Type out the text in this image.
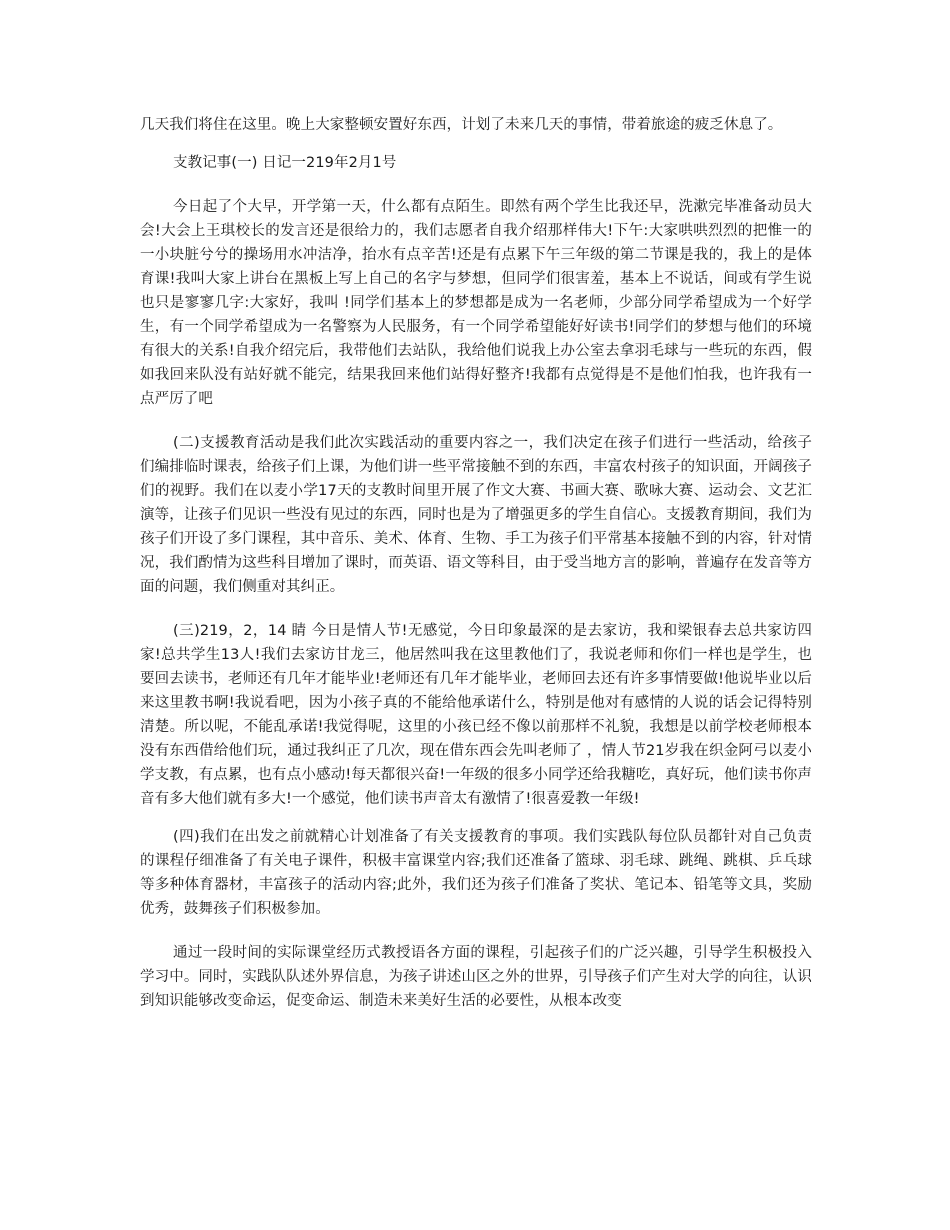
几天我们将住在这里。晚上大家整顿安置好东西，计划了未来几天的事情，带着旅途的疲乏休息了。

支教记事(一) 日记一219年2月1号

今日起了个大早，开学第一天，什么都有点陌生。即然有两个学生比我还早，洗漱完毕准备动员大会!大会上王琪校长的发言还是很给力的，我们志愿者自我介绍那样伟大!下午:大家哄哄烈烈的把惟一的一小块脏兮兮的操场用水冲洁净，抬水有点辛苦!还是有点累下午三年级的第二节课是我的，我上的是体育课!我叫大家上讲台在黑板上写上自己的名字与梦想，但同学们很害羞，基本上不说话，间或有学生说也只是寥寥几字:大家好，我叫 !同学们基本上的梦想都是成为一名老师，少部分同学希望成为一个好学生，有一个同学希望成为一名警察为人民服务，有一个同学希望能好好读书!同学们的梦想与他们的环境有很大的关系!自我介绍完后，我带他们去站队，我给他们说我上办公室去拿羽毛球与一些玩的东西，假如我回来队没有站好就不能完，结果我回来他们站得好整齐!我都有点觉得是不是他们怕我，也许我有一点严厉了吧

(二)支援教育活动是我们此次实践活动的重要内容之一，我们决定在孩子们进行一些活动，给孩子们编排临时课表，给孩子们上课，为他们讲一些平常接触不到的东西，丰富农村孩子的知识面，开阔孩子们的视野。我们在以麦小学17天的支教时间里开展了作文大赛、书画大赛、歌咏大赛、运动会、文艺汇演等，让孩子们见识一些没有见过的东西，同时也是为了增强更多的学生自信心。支援教育期间，我们为孩子们开设了多门课程，其中音乐、美术、体育、生物、手工为孩子们平常基本接触不到的内容，针对情况，我们酌情为这些科目增加了课时，而英语、语文等科目，由于受当地方言的影响，普遍存在发音等方面的问题，我们侧重对其纠正。

(三)219，2，14 睛 今日是情人节!无感觉，今日印象最深的是去家访，我和梁银春去总共家访四家!总共学生13人!我们去家访甘龙三，他居然叫我在这里教他们了，我说老师和你们一样也是学生，也要回去读书，老师还有几年才能毕业!老师还有几年才能毕业，老师回去还有许多事情要做!他说毕业以后来这里教书啊!我说看吧，因为小孩子真的不能给他承诺什么，特别是他对有感情的人说的话会记得特别清楚。所以呢，不能乱承诺!我觉得呢，这里的小孩已经不像以前那样不礼貌，我想是以前学校老师根本没有东西借给他们玩，通过我纠正了几次，现在借东西会先叫老师了 ，情人节21岁我在织金阿弓以麦小学支教，有点累，也有点小感动!每天都很兴奋!一年级的很多小同学还给我糖吃，真好玩，他们读书你声音有多大他们就有多大!一个感觉，他们读书声音太有激情了!很喜爱教一年级!

(四)我们在出发之前就精心计划准备了有关支援教育的事项。我们实践队每位队员都针对自己负责的课程仔细准备了有关电子课件，积极丰富课堂内容;我们还准备了篮球、羽毛球、跳绳、跳棋、乒乓球等多种体育器材，丰富孩子的活动内容;此外，我们还为孩子们准备了奖状、笔记本、铅笔等文具，奖励优秀，鼓舞孩子们积极参加。

通过一段时间的实际课堂经历式教授语各方面的课程，引起孩子们的广泛兴趣，引导学生积极投入学习中。同时，实践队队述外界信息，为孩子讲述山区之外的世界，引导孩子们产生对大学的向往，认识到知识能够改变命运，促变命运、制造未来美好生活的必要性，从根本改变
